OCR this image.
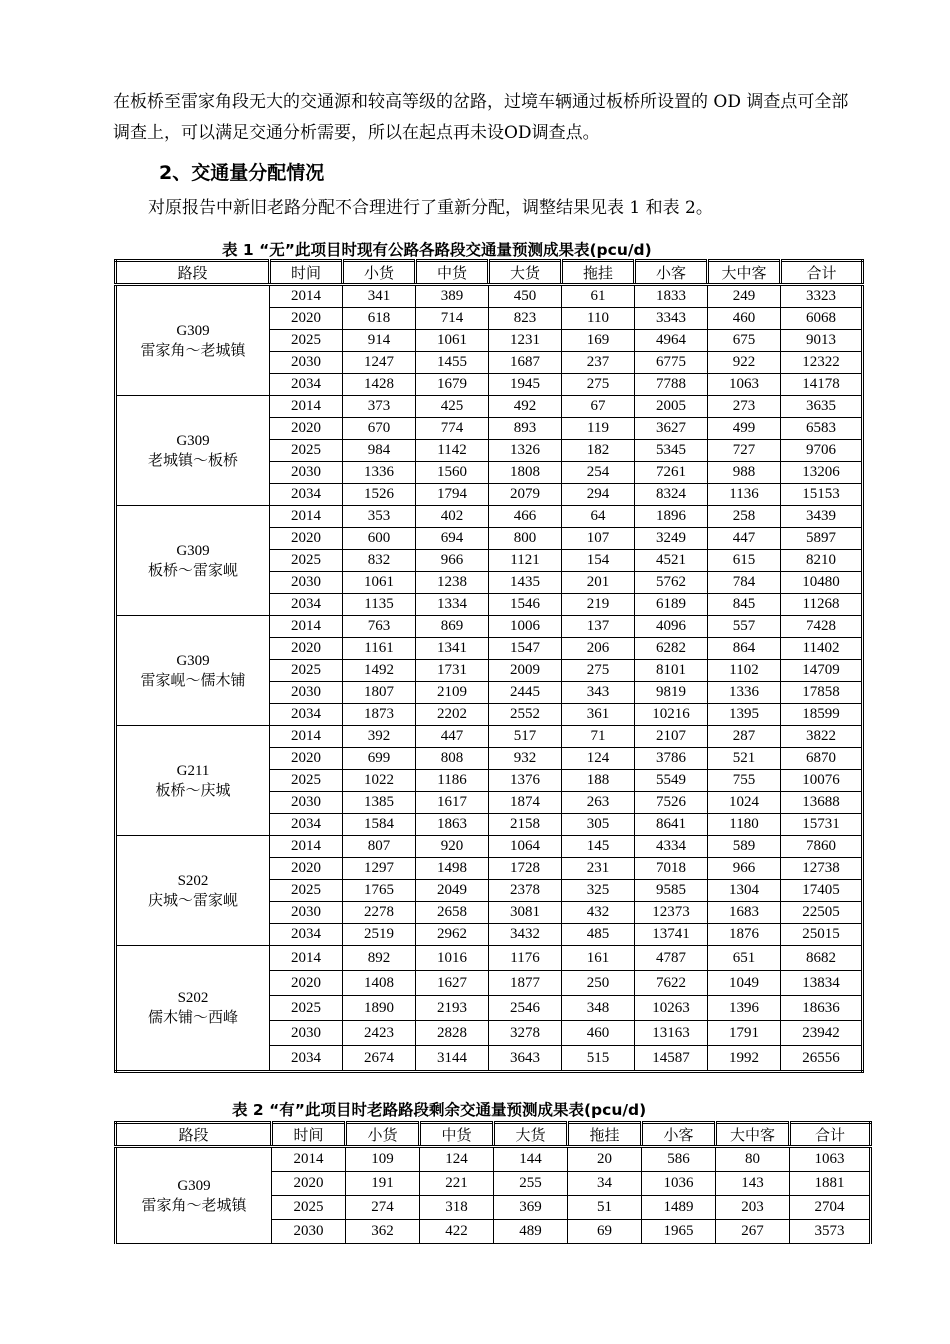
在板桥至雷家角段无大的交通源和较高等级的岔路，过境车辆通过板桥所设置的 OD 调查点可全部调查上，可以满足交通分析需要，所以在起点再未设OD调查点。

2、交通量分配情况

对原报告中新旧老路分配不合理进行了重新分配，调整结果见表 1 和表 2。

表 1 “无”此项目时现有公路各路段交通量预测成果表(pcu/d)
路段	时间	小货	中货	大货	拖挂	小客	大中客	合计

G309
雷家角～老城镇	2014	341	389	450	61	1833	249	3323
	2020	618	714	823	110	3343	460	6068
	2025	914	1061	1231	169	4964	675	9013
	2030	1247	1455	1687	237	6775	922	12322
	2034	1428	1679	1945	275	7788	1063	14178

G309
老城镇～板桥	2014	373	425	492	67	2005	273	3635
	2020	670	774	893	119	3627	499	6583
	2025	984	1142	1326	182	5345	727	9706
	2030	1336	1560	1808	254	7261	988	13206
	2034	1526	1794	2079	294	8324	1136	15153

G309
板桥～雷家岘	2014	353	402	466	64	1896	258	3439
	2020	600	694	800	107	3249	447	5897
	2025	832	966	1121	154	4521	615	8210
	2030	1061	1238	1435	201	5762	784	10480
	2034	1135	1334	1546	219	6189	845	11268

G309
雷家岘～儒木铺	2014	763	869	1006	137	4096	557	7428
	2020	1161	1341	1547	206	6282	864	11402
	2025	1492	1731	2009	275	8101	1102	14709
	2030	1807	2109	2445	343	9819	1336	17858
	2034	1873	2202	2552	361	10216	1395	18599

G211
板桥～庆城	2014	392	447	517	71	2107	287	3822
	2020	699	808	932	124	3786	521	6870
	2025	1022	1186	1376	188	5549	755	10076
	2030	1385	1617	1874	263	7526	1024	13688
	2034	1584	1863	2158	305	8641	1180	15731

S202
庆城～雷家岘	2014	807	920	1064	145	4334	589	7860
	2020	1297	1498	1728	231	7018	966	12738
	2025	1765	2049	2378	325	9585	1304	17405
	2030	2278	2658	3081	432	12373	1683	22505
	2034	2519	2962	3432	485	13741	1876	25015

S202
儒木铺～西峰	2014	892	1016	1176	161	4787	651	8682
	2020	1408	1627	1877	250	7622	1049	13834
	2025	1890	2193	2546	348	10263	1396	18636
	2030	2423	2828	3278	460	13163	1791	23942
	2034	2674	3144	3643	515	14587	1992	26556
表 2 “有”此项目时老路路段剩余交通量预测成果表(pcu/d)
路段	时间	小货	中货	大货	拖挂	小客	大中客	合计

G309
雷家角～老城镇	2014	109	124	144	20	586	80	1063
	2020	191	221	255	34	1036	143	1881
	2025	274	318	369	51	1489	203	2704
	2030	362	422	489	69	1965	267	3573
